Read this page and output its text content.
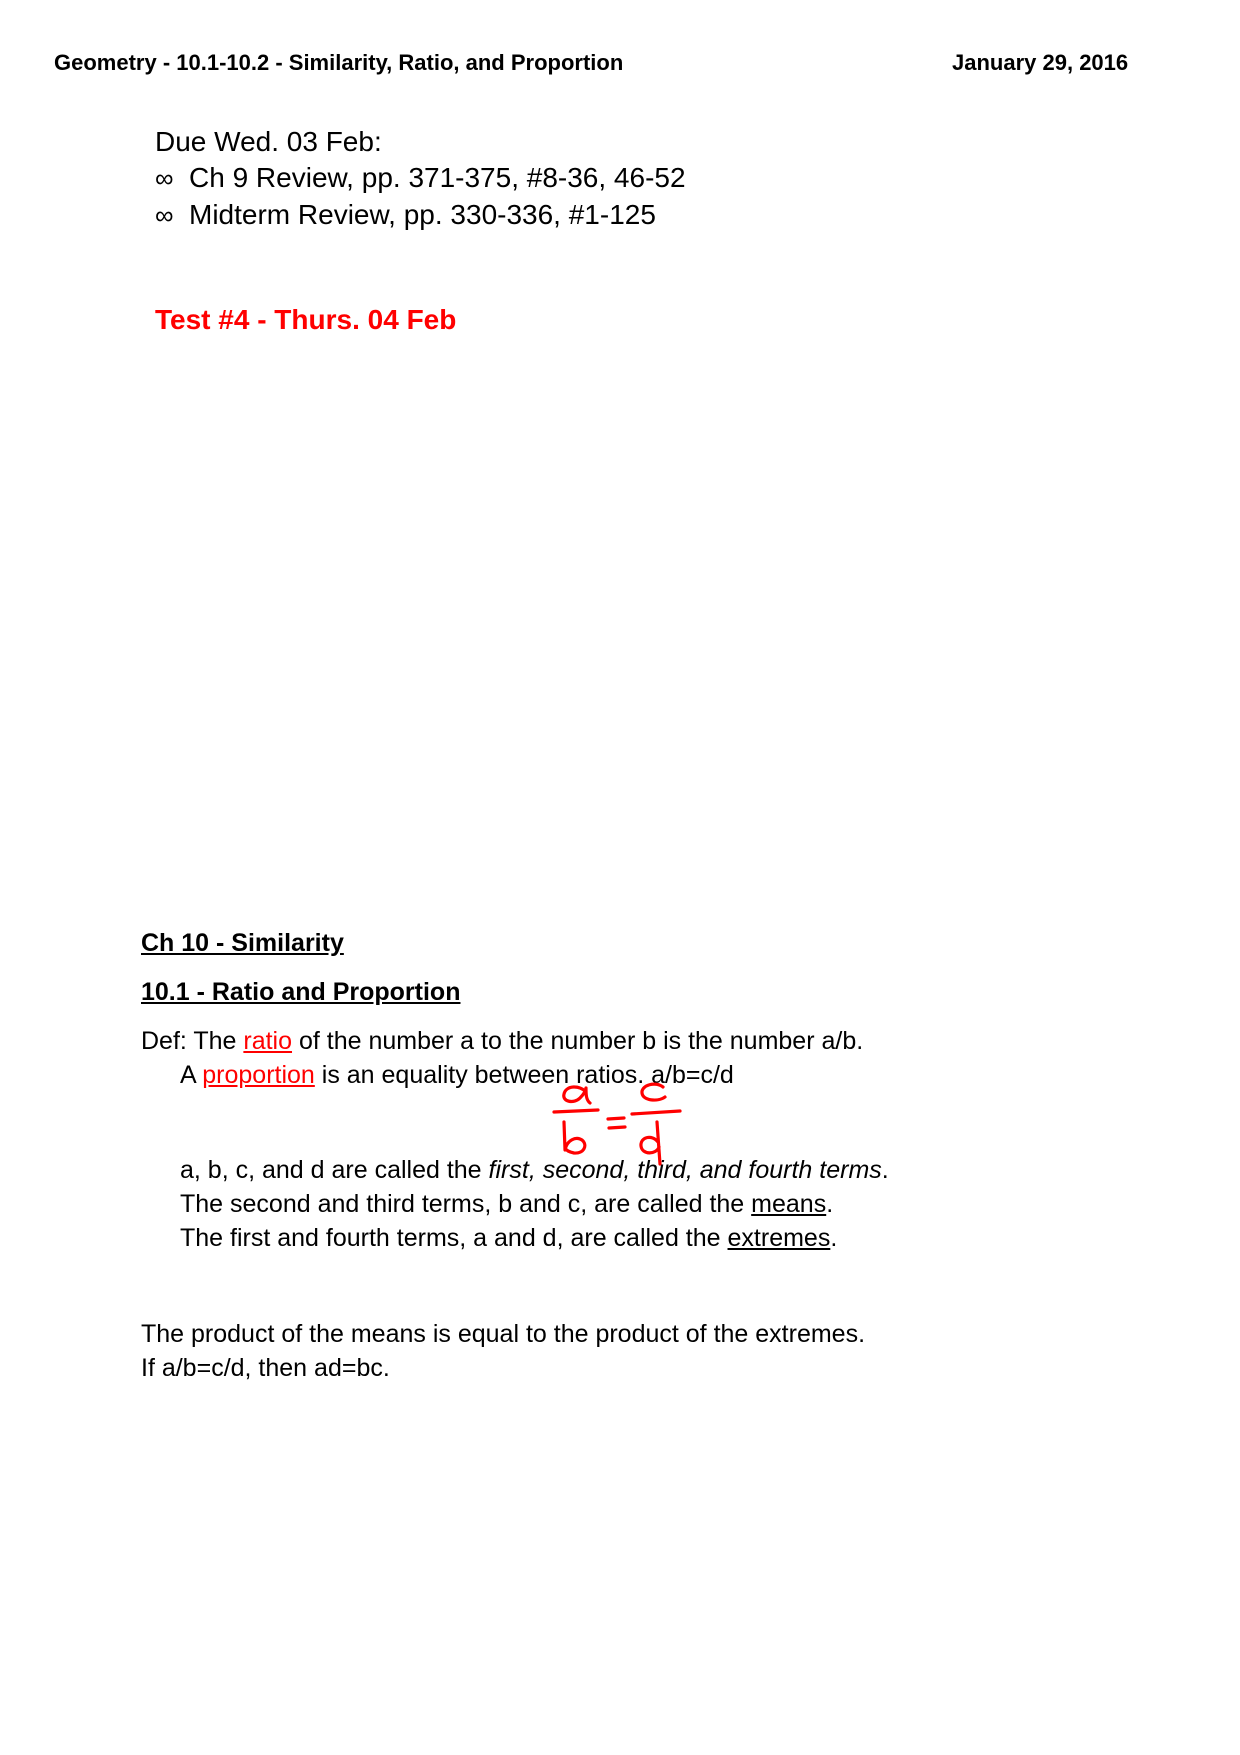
Geometry - 10.1-10.2 - Similarity, Ratio, and Proportion	January 29, 2016
Due Wed. 03 Feb:
∞ Ch 9 Review, pp. 371-375, #8-36, 46-52
∞ Midterm Review, pp. 330-336, #1-125
Test #4 - Thurs. 04 Feb
Ch 10 - Similarity
10.1 - Ratio and Proportion
Def: The ratio of the number a to the number b is the number a/b.
A proportion is an equality between ratios. a/b=c/d
a, b, c, and d are called the first, second, third, and fourth terms.
The second and third terms, b and c, are called the means.
The first and fourth terms, a and d, are called the extremes.
The product of the means is equal to the product of the extremes.
If a/b=c/d, then ad=bc.
